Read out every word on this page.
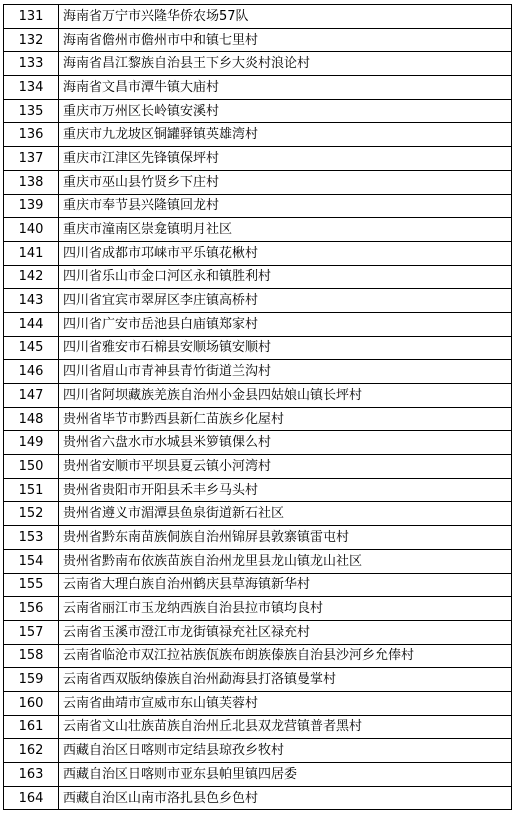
131	海南省万宁市兴隆华侨农场57队
132	海南省儋州市儋州市中和镇七里村
133	海南省昌江黎族自治县王下乡大炎村浪论村
134	海南省文昌市潭牛镇大庙村
135	重庆市万州区长岭镇安溪村
136	重庆市九龙坡区铜罐驿镇英雄湾村
137	重庆市江津区先锋镇保坪村
138	重庆市巫山县竹贤乡下庄村
139	重庆市奉节县兴隆镇回龙村
140	重庆市潼南区崇龛镇明月社区
141	四川省成都市邛崃市平乐镇花楸村
142	四川省乐山市金口河区永和镇胜利村
143	四川省宜宾市翠屏区李庄镇高桥村
144	四川省广安市岳池县白庙镇郑家村
145	四川省雅安市石棉县安顺场镇安顺村
146	四川省眉山市青神县青竹街道兰沟村
147	四川省阿坝藏族羌族自治州小金县四姑娘山镇长坪村
148	贵州省毕节市黔西县新仁苗族乡化屋村
149	贵州省六盘水市水城县米箩镇倮么村
150	贵州省安顺市平坝县夏云镇小河湾村
151	贵州省贵阳市开阳县禾丰乡马头村
152	贵州省遵义市湄潭县鱼泉街道新石社区
153	贵州省黔东南苗族侗族自治州锦屏县敦寨镇雷屯村
154	贵州省黔南布依族苗族自治州龙里县龙山镇龙山社区
155	云南省大理白族自治州鹤庆县草海镇新华村
156	云南省丽江市玉龙纳西族自治县拉市镇均良村
157	云南省玉溪市澄江市龙街镇禄充社区禄充村
158	云南省临沧市双江拉祜族佤族布朗族傣族自治县沙河乡允俸村
159	云南省西双版纳傣族自治州勐海县打洛镇曼掌村
160	云南省曲靖市宣威市东山镇芙蓉村
161	云南省文山壮族苗族自治州丘北县双龙营镇普者黑村
162	西藏自治区日喀则市定结县琼孜乡牧村
163	西藏自治区日喀则市亚东县帕里镇四居委
164	西藏自治区山南市洛扎县色乡色村
